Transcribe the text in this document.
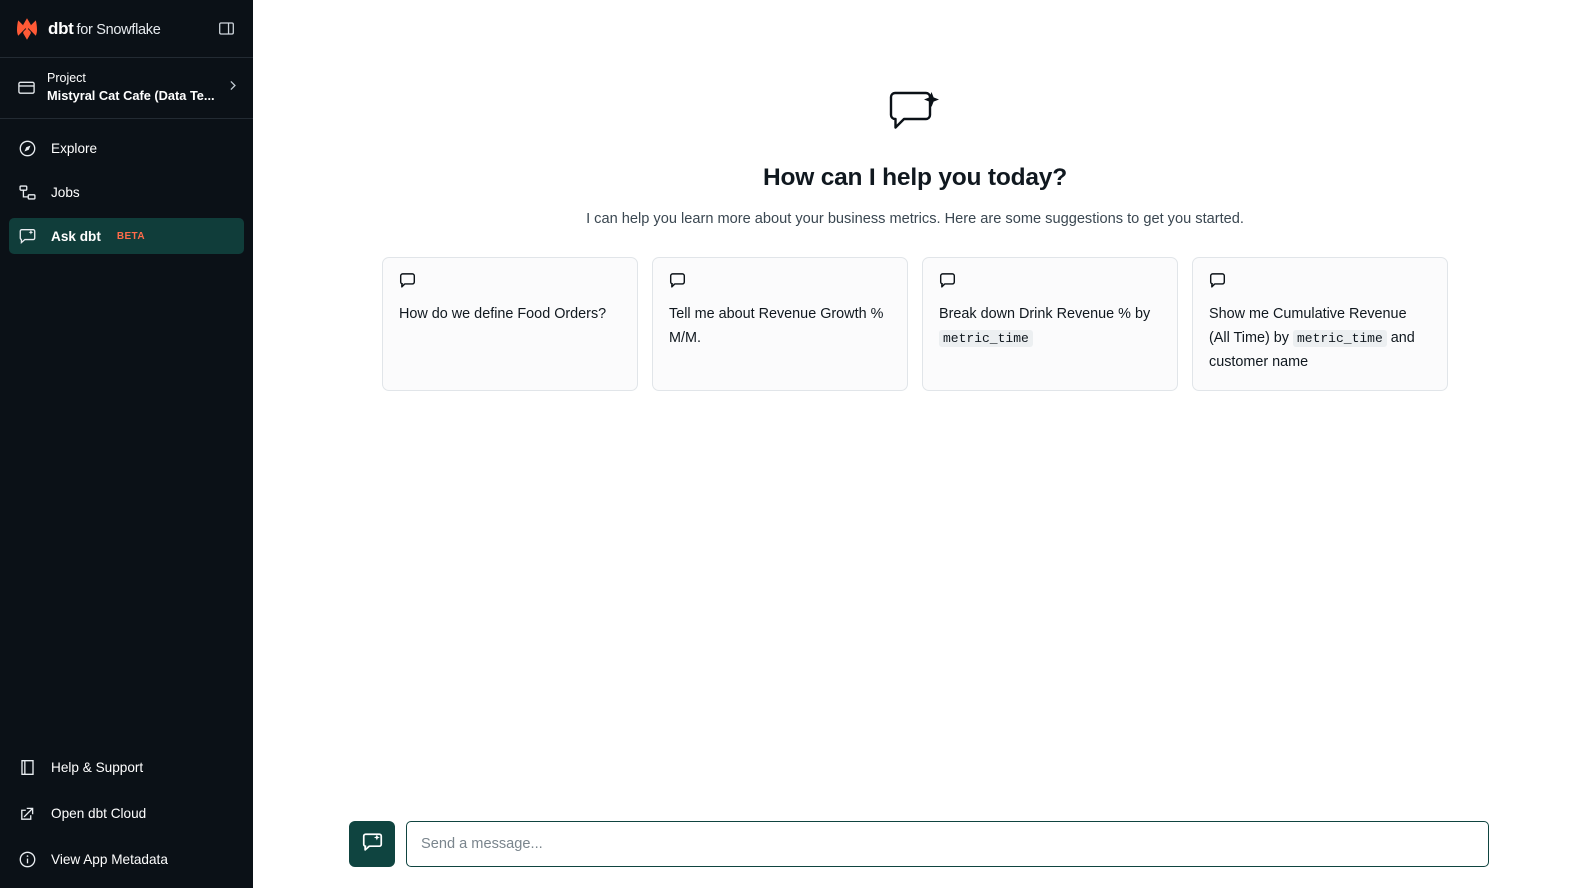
dbt for Snowflake
Project
Mistyral Cat Cafe (Data Te...
Explore
Jobs
Ask dbt BETA
Help & Support
Open dbt Cloud
View App Metadata
How can I help you today?

I can help you learn more about your business metrics. Here are some suggestions to get you started.

How do we define Food Orders?	Tell me about Revenue Growth % M/M.
Break down Drink Revenue % by metric_time
Show me Cumulative Revenue (All Time) by metric_time and customer name
Send a message...
